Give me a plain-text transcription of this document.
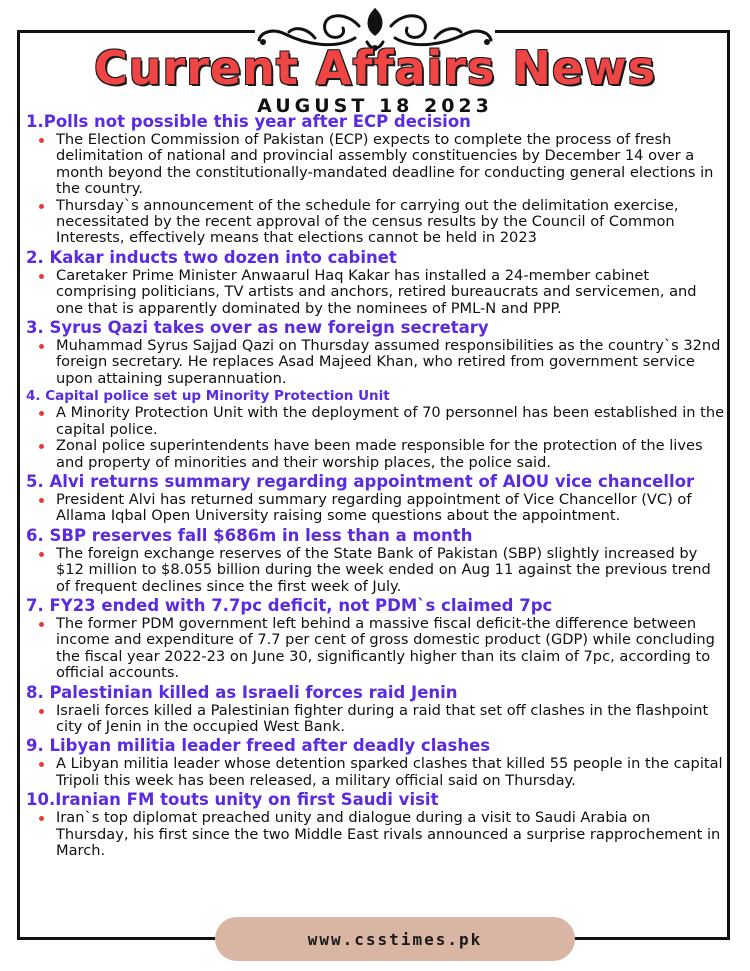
Current Affairs News
AUGUST 18 2023
1.Polls not possible this year after ECP decision
The Election Commission of Pakistan (ECP) expects to complete the process of fresh delimitation of national and provincial assembly constituencies by December 14 over a month beyond the constitutionally-mandated deadline for conducting general elections in the country.
Thursday`s announcement of the schedule for carrying out the delimitation exercise, necessitated by the recent approval of the census results by the Council of Common Interests, effectively means that elections cannot be held in 2023
2. Kakar inducts two dozen into cabinet
Caretaker Prime Minister Anwaarul Haq Kakar has installed a 24-member cabinet comprising politicians, TV artists and anchors, retired bureaucrats and servicemen, and one that is apparently dominated by the nominees of PML-N and PPP.
3. Syrus Qazi takes over as new foreign secretary
Muhammad Syrus Sajjad Qazi on Thursday assumed responsibilities as the country`s 32nd foreign secretary. He replaces Asad Majeed Khan, who retired from government service upon attaining superannuation.
4. Capital police set up Minority Protection Unit
A Minority Protection Unit with the deployment of 70 personnel has been established in the capital police.
Zonal police superintendents have been made responsible for the protection of the lives and property of minorities and their worship places, the police said.
5. Alvi returns summary regarding appointment of AIOU vice chancellor
President Alvi has returned summary regarding appointment of Vice Chancellor (VC) of Allama Iqbal Open University raising some questions about the appointment.
6. SBP reserves fall $686m in less than a month
The foreign exchange reserves of the State Bank of Pakistan (SBP) slightly increased by $12 million to $8.055 billion during the week ended on Aug 11 against the previous trend of frequent declines since the first week of July.
7. FY23 ended with 7.7pc deficit, not PDM`s claimed 7pc
The former PDM government left behind a massive fiscal deficit-the difference between income and expenditure of 7.7 per cent of gross domestic product (GDP) while concluding the fiscal year 2022-23 on June 30, significantly higher than its claim of 7pc, according to official accounts.
8. Palestinian killed as Israeli forces raid Jenin
Israeli forces killed a Palestinian fighter during a raid that set off clashes in the flashpoint city of Jenin in the occupied West Bank.
9. Libyan militia leader freed after deadly clashes
A Libyan militia leader whose detention sparked clashes that killed 55 people in the capital Tripoli this week has been released, a military official said on Thursday.
10.Iranian FM touts unity on first Saudi visit
Iran`s top diplomat preached unity and dialogue during a visit to Saudi Arabia on Thursday, his first since the two Middle East rivals announced a surprise rapprochement in March.
www.csstimes.pk
